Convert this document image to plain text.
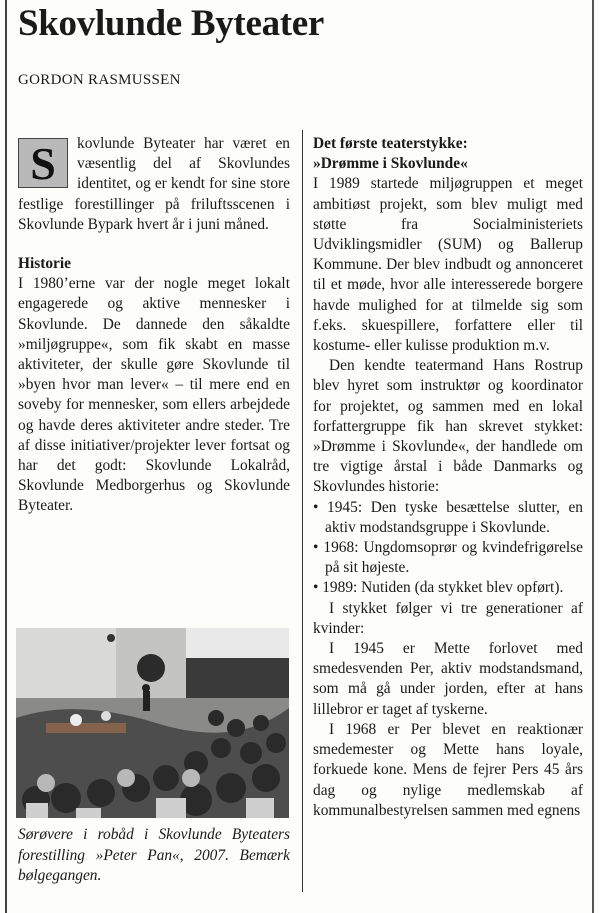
Skovlunde Byteater
GORDON RASMUSSEN

S	kovlunde Byteater har været en væsentlig del af Skovlundes identitet, og er kendt for sine store festlige forestillinger på friluftsscenen i Skovlunde Bypark hvert år i juni måned.

Historie

I 1980’erne var der nogle meget lokalt engagerede og aktive mennesker i Skovlunde. De dannede den såkaldte »miljøgruppe«, som fik skabt en masse aktiviteter, der skulle gøre Skovlunde til »byen hvor man lever« – til mere end en soveby for mennesker, som ellers arbejdede og havde deres aktiviteter andre steder. Tre af disse initiativer/projekter lever fortsat og har det godt: Skovlunde Lokalråd, Skovlunde Medborgerhus og Skovlunde Byteater.

Sørøvere i robåd i Skovlunde Byteaters forestilling »Peter Pan«, 2007. Bemærk bølgegangen.

Det første teaterstykke:

»Drømme i Skovlunde«

I 1989 startede miljøgruppen et meget ambitiøst projekt, som blev muligt med støtte fra Socialministeriets Udviklingsmidler (SUM) og Ballerup Kommune. Der blev indbudt og annonceret til et møde, hvor alle interesserede borgere havde mulighed for at tilmelde sig som f.eks. skuespillere, forfattere eller til kostume- eller kulisse produktion m.v.

Den kendte teatermand Hans Rostrup blev hyret som instruktør og koordinator for projektet, og sammen med en lokal forfattergruppe fik han skrevet stykket: »Drømme i Skovlunde«, der handlede om tre vigtige årstal i både Danmarks og Skovlundes historie:

• 1945: Den tyske besættelse slutter, en aktiv modstandsgruppe i Skovlunde.

• 1968: Ungdomsoprør og kvindefrigørelse på sit højeste.

• 1989: Nutiden (da stykket blev opført).

I stykket følger vi tre generationer af kvinder:

I 1945 er Mette forlovet med smedesvenden Per, aktiv modstandsmand, som må gå under jorden, efter at hans lillebror er taget af tyskerne.

I 1968 er Per blevet en reaktionær smedemester og Mette hans loyale, forkuede kone. Mens de fejrer Pers 45 års dag og nylige medlemskab af kommunalbestyrelsen sammen med egnens
